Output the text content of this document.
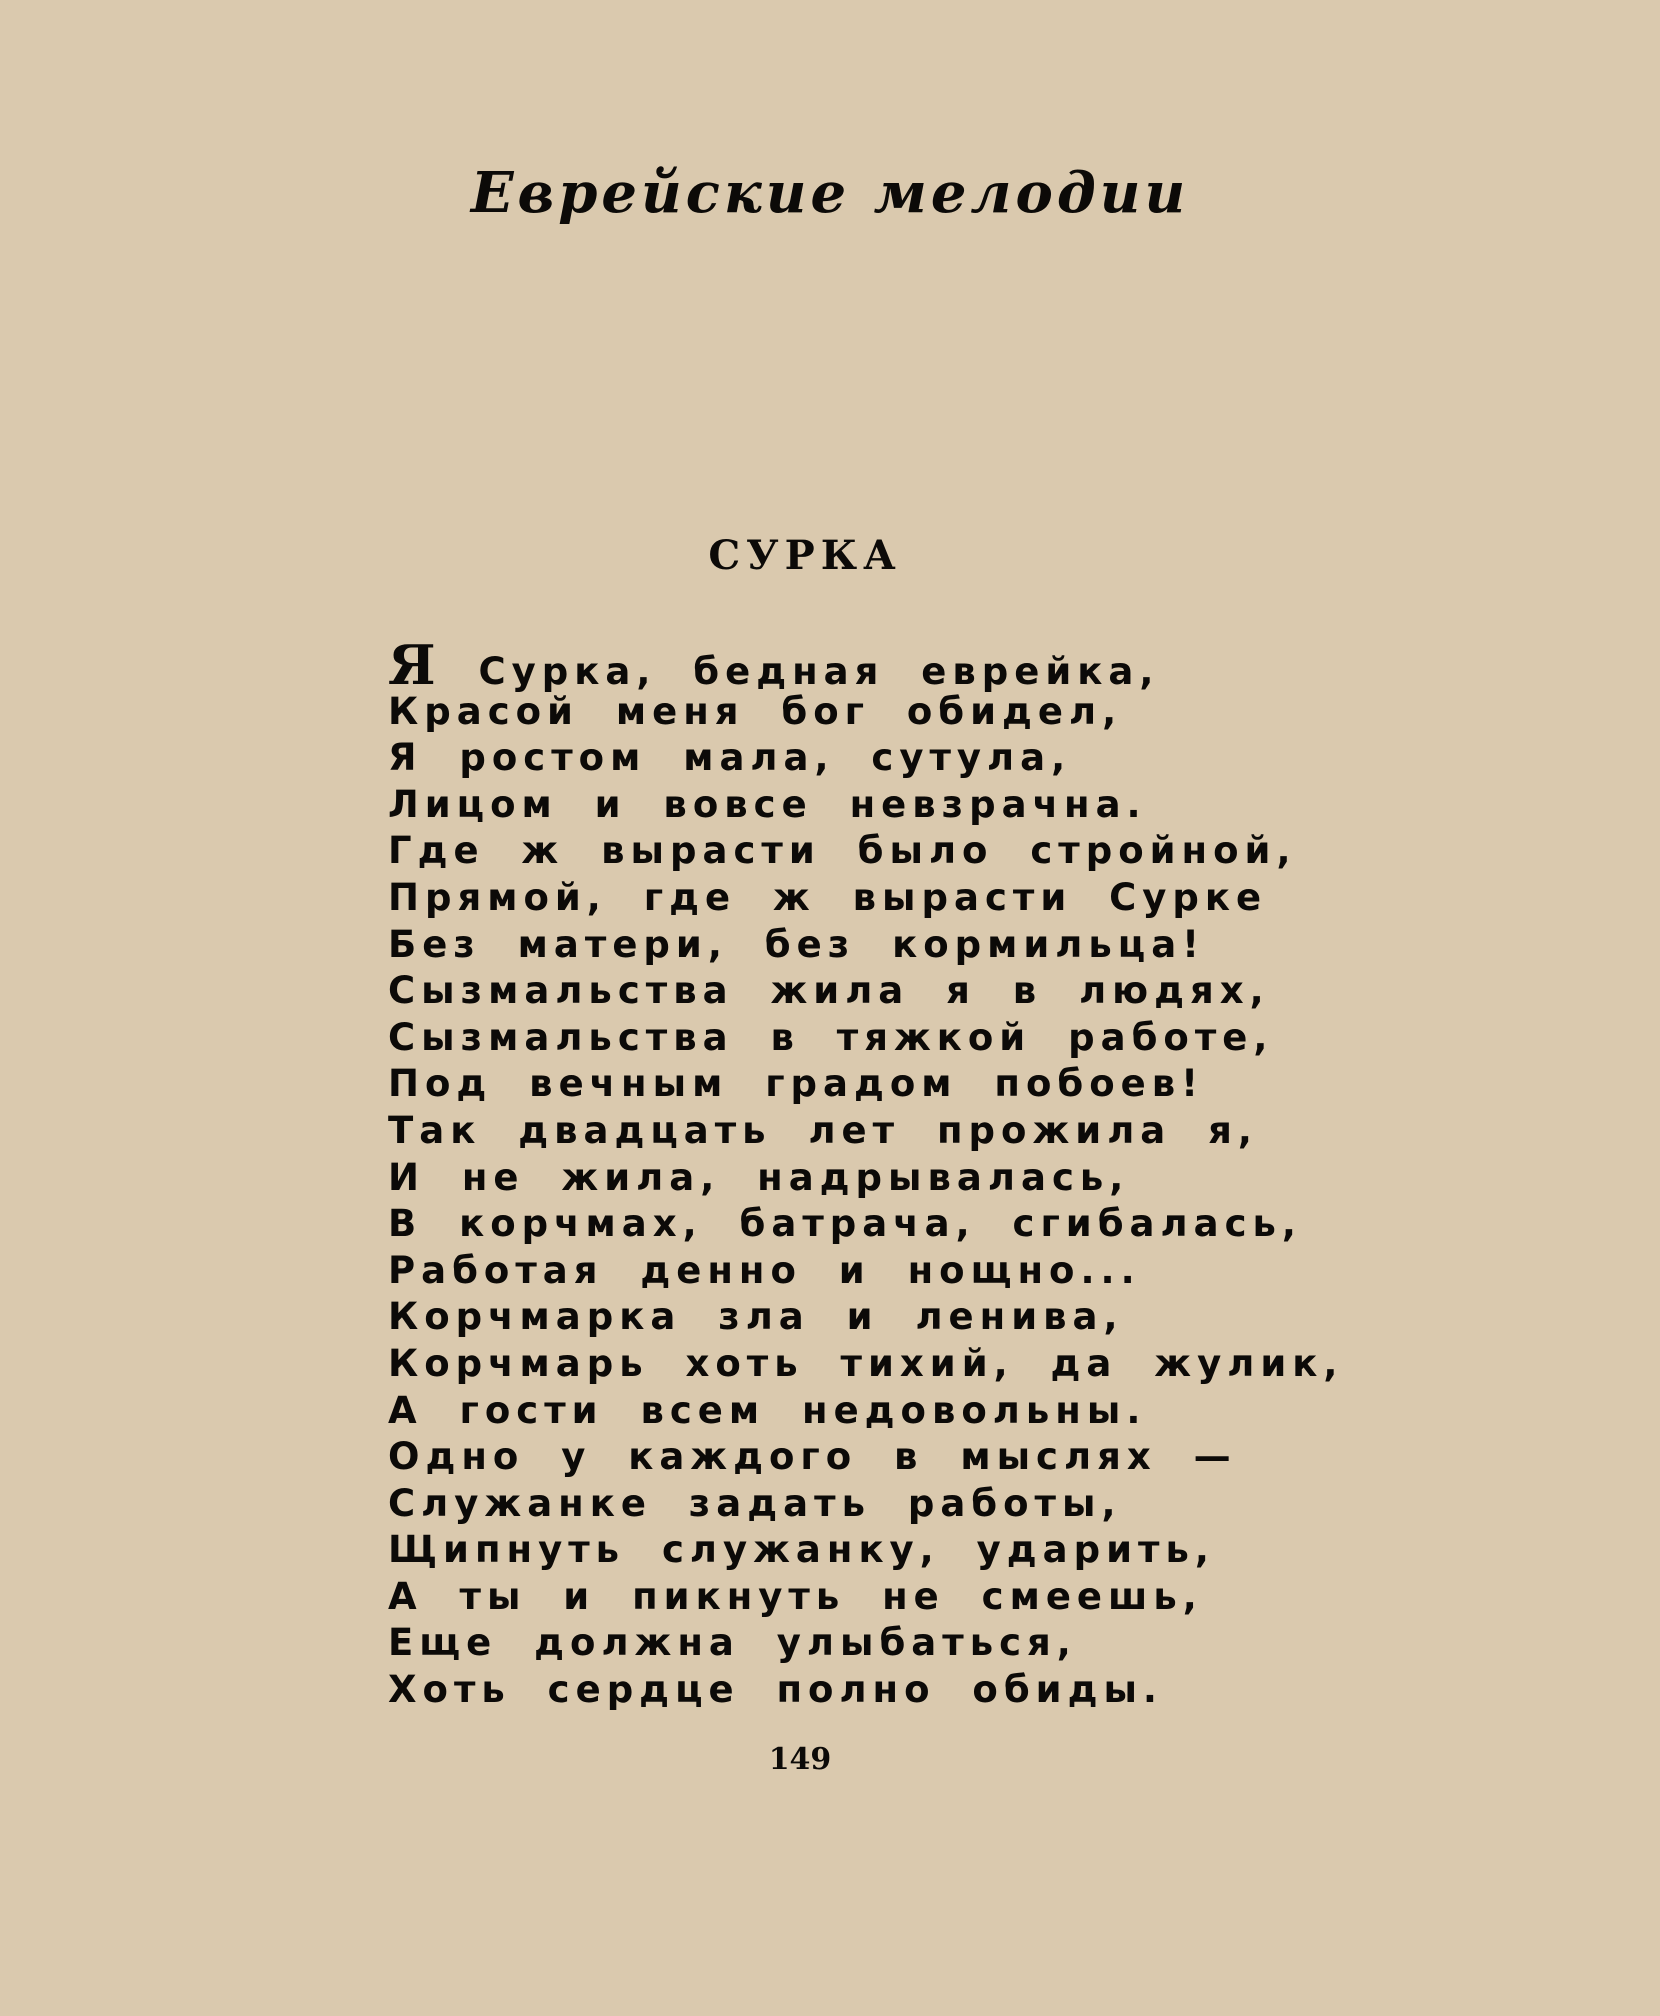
Еврейские мелодии
СУРКА
Я Сурка, бедная еврейка,
Красой меня бог обидел,
Я ростом мала, сутула,
Лицом и вовсе невзрачна.
Где ж вырасти было стройной,
Прямой, где ж вырасти Сурке
Без матери, без кормильца!
Сызмальства жила я в людях,
Сызмальства в тяжкой работе,
Под вечным градом побоев!
Так двадцать лет прожила я,
И не жила, надрывалась,
В корчмах, батрача, сгибалась,
Работая денно и нощно...
Корчмарка зла и ленива,
Корчмарь хоть тихий, да жулик,
А гости всем недовольны.
Одно у каждого в мыслях —
Служанке задать работы,
Щипнуть служанку, ударить,
А ты и пикнуть не смеешь,
Еще должна улыбаться,
Хоть сердце полно обиды.
149
